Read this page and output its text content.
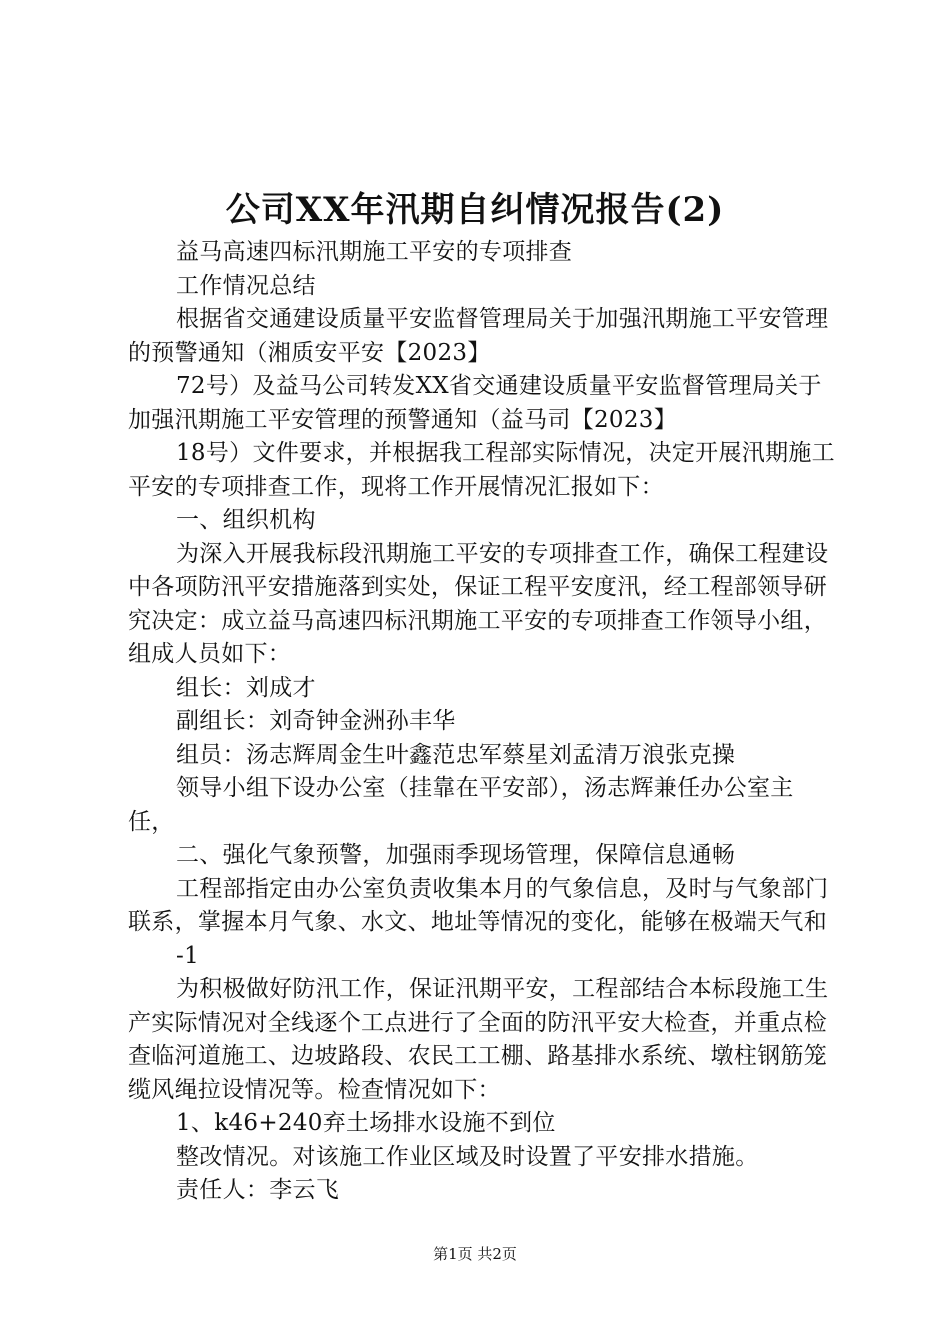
公司XX年汛期自纠情况报告(2)

益马高速四标汛期施工平安的专项排查

工作情况总结

根据省交通建设质量平安监督管理局关于加强汛期施工平安管理的预警通知（湘质安平安【2023】

72号）及益马公司转发XX省交通建设质量平安监督管理局关于加强汛期施工平安管理的预警通知（益马司【2023】

18号）文件要求，并根据我工程部实际情况，决定开展汛期施工平安的专项排查工作，现将工作开展情况汇报如下：

一、组织机构

为深入开展我标段汛期施工平安的专项排查工作，确保工程建设中各项防汛平安措施落到实处，保证工程平安度汛，经工程部领导研究决定：成立益马高速四标汛期施工平安的专项排查工作领导小组，组成人员如下：

组长：刘成才

副组长：刘奇钟金洲孙丰华

组员：汤志辉周金生叶鑫范忠军蔡星刘孟清万浪张克操

领导小组下设办公室（挂靠在平安部），汤志辉兼任办公室主任，

二、强化气象预警，加强雨季现场管理，保障信息通畅

工程部指定由办公室负责收集本月的气象信息，及时与气象部门联系，掌握本月气象、水文、地址等情况的变化，能够在极端天气和

-1

为积极做好防汛工作，保证汛期平安，工程部结合本标段施工生产实际情况对全线逐个工点进行了全面的防汛平安大检查，并重点检查临河道施工、边坡路段、农民工工棚、路基排水系统、墩柱钢筋笼缆风绳拉设情况等。检查情况如下：

1、k46+240弃土场排水设施不到位

整改情况。对该施工作业区域及时设置了平安排水措施。

责任人：李云飞

第1页 共2页
